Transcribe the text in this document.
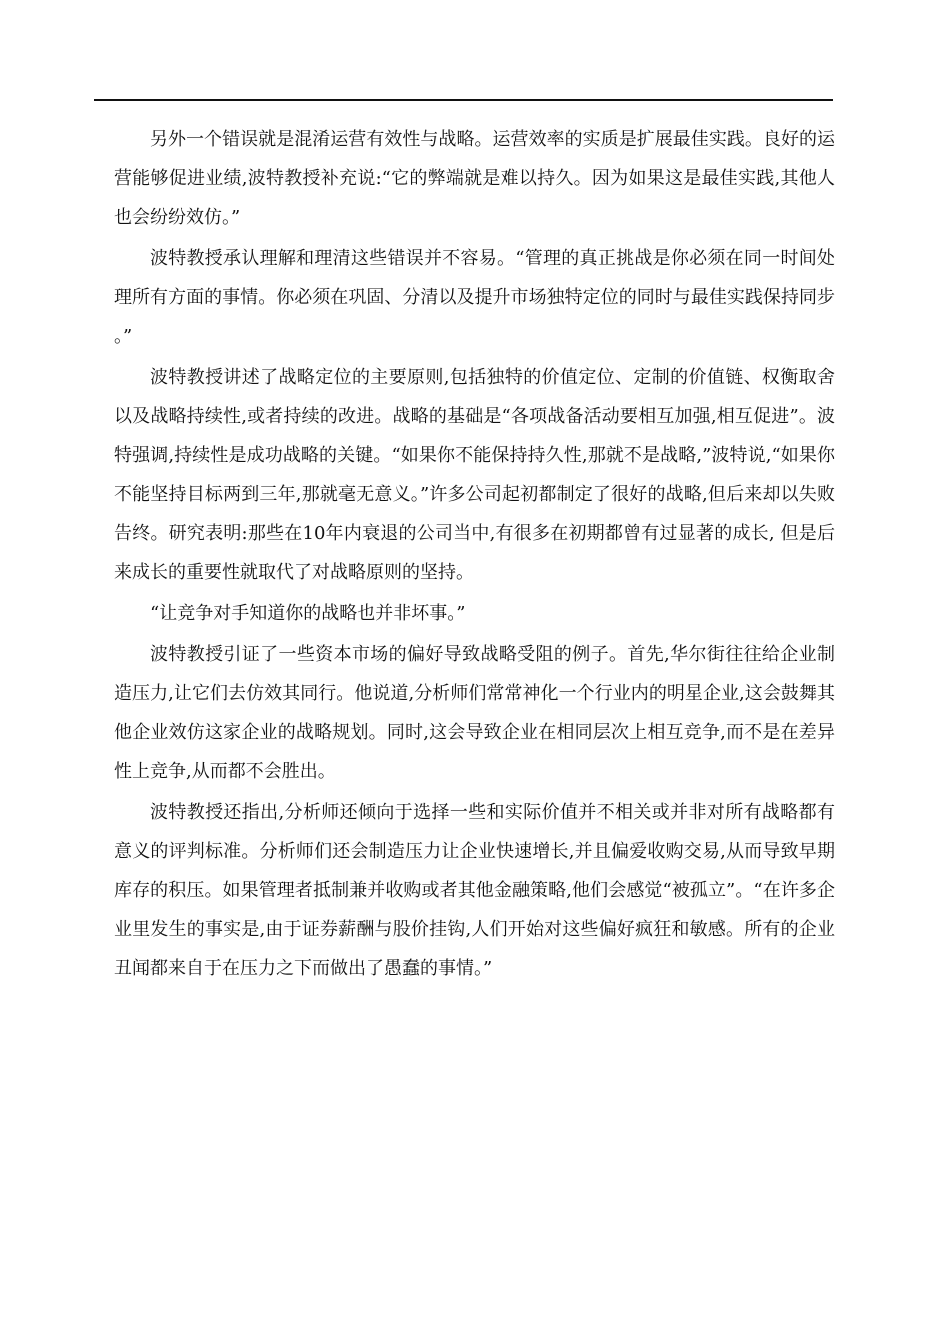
另外一个错误就是混淆运营有效性与战略。运营效率的实质是扩展最佳实践。良好的运营能够促进业绩,波特教授补充说:“它的弊端就是难以持久。因为如果这是最佳实践,其他人也会纷纷效仿。”

波特教授承认理解和理清这些错误并不容易。“管理的真正挑战是你必须在同一时间处理所有方面的事情。你必须在巩固、分清以及提升市场独特定位的同时与最佳实践保持同步。”

波特教授讲述了战略定位的主要原则,包括独特的价值定位、定制的价值链、权衡取舍以及战略持续性,或者持续的改进。战略的基础是“各项战备活动要相互加强,相互促进”。波特强调,持续性是成功战略的关键。“如果你不能保持持久性,那就不是战略,”波特说,“如果你不能坚持目标两到三年,那就毫无意义。”许多公司起初都制定了很好的战略,但后来却以失败告终。研究表明:那些在10年内衰退的公司当中,有很多在初期都曾有过显著的成长, 但是后来成长的重要性就取代了对战略原则的坚持。

“让竞争对手知道你的战略也并非坏事。”

波特教授引证了一些资本市场的偏好导致战略受阻的例子。首先,华尔街往往给企业制造压力,让它们去仿效其同行。他说道,分析师们常常神化一个行业内的明星企业,这会鼓舞其他企业效仿这家企业的战略规划。同时,这会导致企业在相同层次上相互竞争,而不是在差异性上竞争,从而都不会胜出。

波特教授还指出,分析师还倾向于选择一些和实际价值并不相关或并非对所有战略都有意义的评判标准。分析师们还会制造压力让企业快速增长,并且偏爱收购交易,从而导致早期库存的积压。如果管理者抵制兼并收购或者其他金融策略,他们会感觉“被孤立”。“在许多企业里发生的事实是,由于证券薪酬与股价挂钩,人们开始对这些偏好疯狂和敏感。所有的企业丑闻都来自于在压力之下而做出了愚蠢的事情。”
